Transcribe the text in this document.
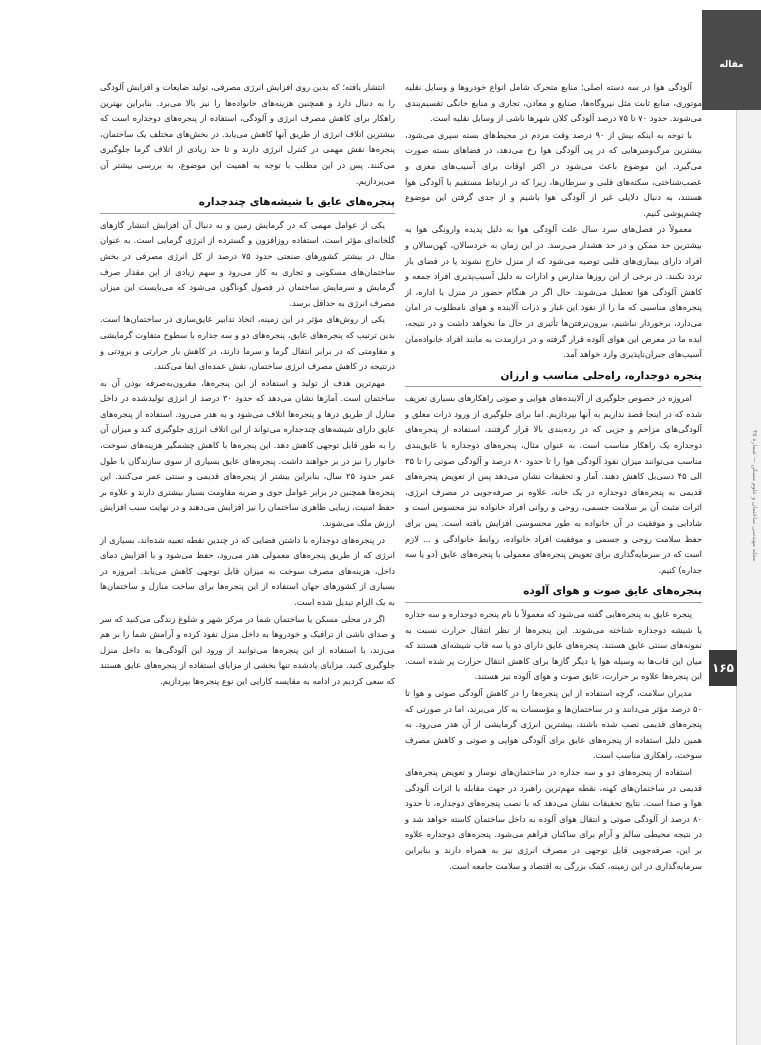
مقاله
مجله مهندسی ساختمان و علوم مسکن — شماره ۴۵
۱۶۵

آلودگی هوا در سه دسته اصلی؛ منابع متحرک شامل انواع خودروها و وسایل نقلیه موتوری، منابع ثابت مثل نیروگاه‌ها، صنایع و معادن، تجاری و منابع خانگی تقسیم‌بندی می‌شوند. حدود ۷۰ تا ۷۵ درصد آلودگی کلان شهرها ناشی از وسایل نقلیه است.

با توجه به اینکه بیش از ۹۰ درصد وقت مردم در محیط‌های بسته سپری می‌شود، بیشترین مرگ‌ومیرهایی که در پی آلودگی هوا رخ می‌دهد، در فضاهای بسته صورت می‌گیرد. این موضوع باعث می‌شود در اکثر اوقات برای آسیب‌های مغزی و عصب‌شناختی، سکته‌های قلبی و سرطان‌ها، زیرا که در ارتباط مستقیم با آلودگی هوا هستند، به دنبال دلایلی غیر از آلودگی هوا باشیم و از جدی گرفتن این موضوع چشم‌پوشی کنیم.

معمولاً در فصل‌های سرد سال علت آلودگی هوا به دلیل پدیده وارونگی هوا به بیشترین حد ممکن و در حد هشدار می‌رسد. در این زمان به خردسالان، کهن‌سالان و افراد دارای بیماری‌های قلبی توصیه می‌شود که از منزل خارج نشوند یا در فضای باز تردد نکنند. در برخی از این روزها مدارس و ادارات به دلیل آسیب‌پذیری افراد جمعه و کاهش آلودگی هوا تعطیل می‌شوند. حال اگر در هنگام حضور در منزل یا اداره، از پنجره‌های مناسبی که ما را از نفوذ این غبار و ذرات آلاینده و هوای نامطلوب در امان می‌دارد، برخوردار نباشیم، بیرون‌نرفتن‌ها تأثیری در حال ما نخواهد داشت و در نتیجه، ایده ما در معرض این هوای آلوده قرار گرفته و در درازمدت به مانند افراد خانواده‌مان آسیب‌های جبران‌ناپذیری وارد خواهد آمد.

پنجره دوجداره، راه‌حلی مناسب و ارزان

امروزه در خصوص جلوگیری از آلاینده‌های هوایی و صوتی راهکارهای بسیاری تعریف شده که در اینجا قصد نداریم به آنها بپردازیم. اما برای جلوگیری از ورود ذرات معلق و آلودگی‌های مزاحم و جزیی که در رده‌بندی بالا قرار گرفتند، استفاده از پنجره‌های دوجداره یک راهکار مناسب است. به عنوان مثال، پنجره‌های دوجداره با عایق‌بندی مناسب می‌توانند میزان نفوذ آلودگی هوا را تا حدود ۸۰ درصد و آلودگی صوتی را تا ۳۵ الی ۴۵ دسی‌بل کاهش دهند. آمار و تحقیقات نشان می‌دهد پس از تعویض پنجره‌های قدیمی به پنجره‌های دوجداره در یک خانه، علاوه بر صرفه‌جویی در مصرف انرژی، اثرات مثبت آن بر سلامت جسمی، روحی و روانی افراد خانواده نیز محسوس است و شادابی و موفقیت در آن خانواده به طور محسوسی افزایش یافته است. پس برای حفظ سلامت روحی و جسمی و موفقیت افراد خانواده، روابط خانوادگی و ... لازم است که در سرمایه‌گذاری برای تعویض پنجره‌های معمولی با پنجره‌های عایق (دو یا سه جداره) کنیم.

پنجره‌های عایق صوت و هوای آلوده

پنجره عایق به پنجره‌هایی گفته می‌شود که معمولاً با نام پنجره دوجداره و سه جداره یا شیشه دوجداره شناخته می‌شوند. این پنجره‌ها از نظر انتقال حرارت نسبت به نمونه‌های سنتی عایق هستند. پنجره‌های عایق دارای دو یا سه قاب شیشه‌ای هستند که میان این قاب‌ها به وسیله هوا یا دیگر گازها برای کاهش انتقال حرارت پر شده است. این پنجره‌ها علاوه بر حرارت، عایق صوت و هوای آلوده نیز هستند.

مدیران سلامت، گرچه استفاده از این پنجره‌ها را در کاهش آلودگی صوتی و هوا تا ۵۰ درصد مؤثر می‌دانند و در ساختمان‌ها و مؤسسات به کار می‌برند، اما در صورتی که پنجره‌های قدیمی نصب شده باشند، بیشترین انرژی گرمایشی از آن هدر می‌رود. به همین دلیل استفاده از پنجره‌های عایق برای آلودگی هوایی و صوتی و کاهش مصرف سوخت، راهکاری مناسب است.

استفاده از پنجره‌های دو و سه جداره در ساختمان‌های نوساز و تعویض پنجره‌های قدیمی در ساختمان‌های کهنه، نقطه مهم‌ترین راهبرد در جهت مقابله با اثرات آلودگی هوا و صدا است. نتایج تحقیقات نشان می‌دهد که با نصب پنجره‌های دوجداره، تا حدود ۸۰ درصد از آلودگی صوتی و انتقال هوای آلوده به داخل ساختمان کاسته خواهد شد و در نتیجه محیطی سالم و آرام برای ساکنان فراهم می‌شود. پنجره‌های دوجداره علاوه بر این، صرفه‌جویی قابل توجهی در مصرف انرژی نیز به همراه دارند و بنابراین سرمایه‌گذاری در این زمینه، کمک بزرگی به اقتصاد و سلامت جامعه است.

انتشار یافته؛ که بدین روی افزایش انرژی مصرفی، تولید ضایعات و افزایش آلودگی را به دنبال دارد و همچنین هزینه‌های خانواده‌ها را نیز بالا می‌برد. بنابراین بهترین راهکار برای کاهش مصرف انرژی و آلودگی، استفاده از پنجره‌های دوجداره است که بیشترین اتلاف انرژی از طریق آنها کاهش می‌یابد. در بخش‌های مختلف یک ساختمان، پنجره‌ها نقش مهمی در کنترل انرژی دارند و تا حد زیادی از اتلاف گرما جلوگیری می‌کنند. پس در این مطلب با توجه به اهمیت این موضوع، به بررسی بیشتر آن می‌پردازیم.

پنجره‌های عایق با شیشه‌های چندجداره

یکی از عوامل مهمی که در گرمایش زمین و به دنبال آن افزایش انتشار گازهای گلخانه‌ای مؤثر است، استفاده روزافزون و گسترده از انرژی گرمایی است. به عنوان مثال در بیشتر کشورهای صنعتی حدود ۷۵ درصد از کل انرژی مصرفی در بخش ساختمان‌های مسکونی و تجاری به کار می‌رود و سهم زیادی از این مقدار صرف گرمایش و سرمایش ساختمان در فصول گوناگون می‌شود که می‌بایست این میزان مصرف انرژی به حداقل برسد.

یکی از روش‌های مؤثر در این زمینه، اتخاذ تدابیر عایق‌سازی در ساختمان‌ها است. بدین ترتیب که پنجره‌های عایق، پنجره‌های دو و سه جداره با سطوح متفاوت گرمایشی و مقاومتی که در برابر انتقال گرما و سرما دارند، در کاهش بار حرارتی و برودتی و درنتیجه در کاهش مصرف انرژی ساختمان، نقش عمده‌ای ایفا می‌کنند.

مهم‌ترین هدف از تولید و استفاده از این پنجره‌ها، مقرون‌به‌صرفه بودن آن به ساختمان است. آمارها نشان می‌دهد که حدود ۳۰ درصد از انرژی تولیدشده در داخل منازل از طریق درها و پنجره‌ها اتلاف می‌شود و به هدر می‌رود. استفاده از پنجره‌های عایق دارای شیشه‌های چندجداره می‌تواند از این اتلاف انرژی جلوگیری کند و میزان آن را به طور قابل توجهی کاهش دهد. این پنجره‌ها با کاهش چشمگیر هزینه‌های سوخت، خانوار را نیز در بر خواهند داشت. پنجره‌های عایق بسیاری از سوی سازندگان با طول عمر حدود ۲۵ سال، بنابراین بیشتر از پنجره‌های قدیمی و سنتی عمر می‌کنند. این پنجره‌ها همچنین در برابر عوامل جوی و ضربه مقاومت بسیار بیشتری دارند و علاوه بر حفظ امنیت، زیبایی ظاهری ساختمان را نیز افزایش می‌دهند و در نهایت سبب افزایش ارزش ملک می‌شوند.

در پنجره‌های دوجداره با داشتن فضایی که در چندین نقطه تعبیه شده‌اند، بسیاری از انرژی که از طریق پنجره‌های معمولی هدر می‌رود، حفظ می‌شود و با افزایش دمای داخل، هزینه‌های مصرف سوخت به میزان قابل توجهی کاهش می‌یابد. امروزه در بسیاری از کشورهای جهان استفاده از این پنجره‌ها برای ساخت منازل و ساختمان‌ها به یک الزام تبدیل شده است.

اگر در محلی مسکن یا ساختمان شما در مرکز شهر و شلوغ زندگی می‌کنید که سر و صدای ناشی از ترافیک و خودروها به داخل منزل نفوذ کرده و آرامش شما را بر هم می‌زند، با استفاده از این پنجره‌ها می‌توانید از ورود این آلودگی‌ها به داخل منزل جلوگیری کنید. مزایای یادشده تنها بخشی از مزایای استفاده از پنجره‌های عایق هستند که سعی کردیم در ادامه به مقایسه کارایی این نوع پنجره‌ها بپردازیم.
